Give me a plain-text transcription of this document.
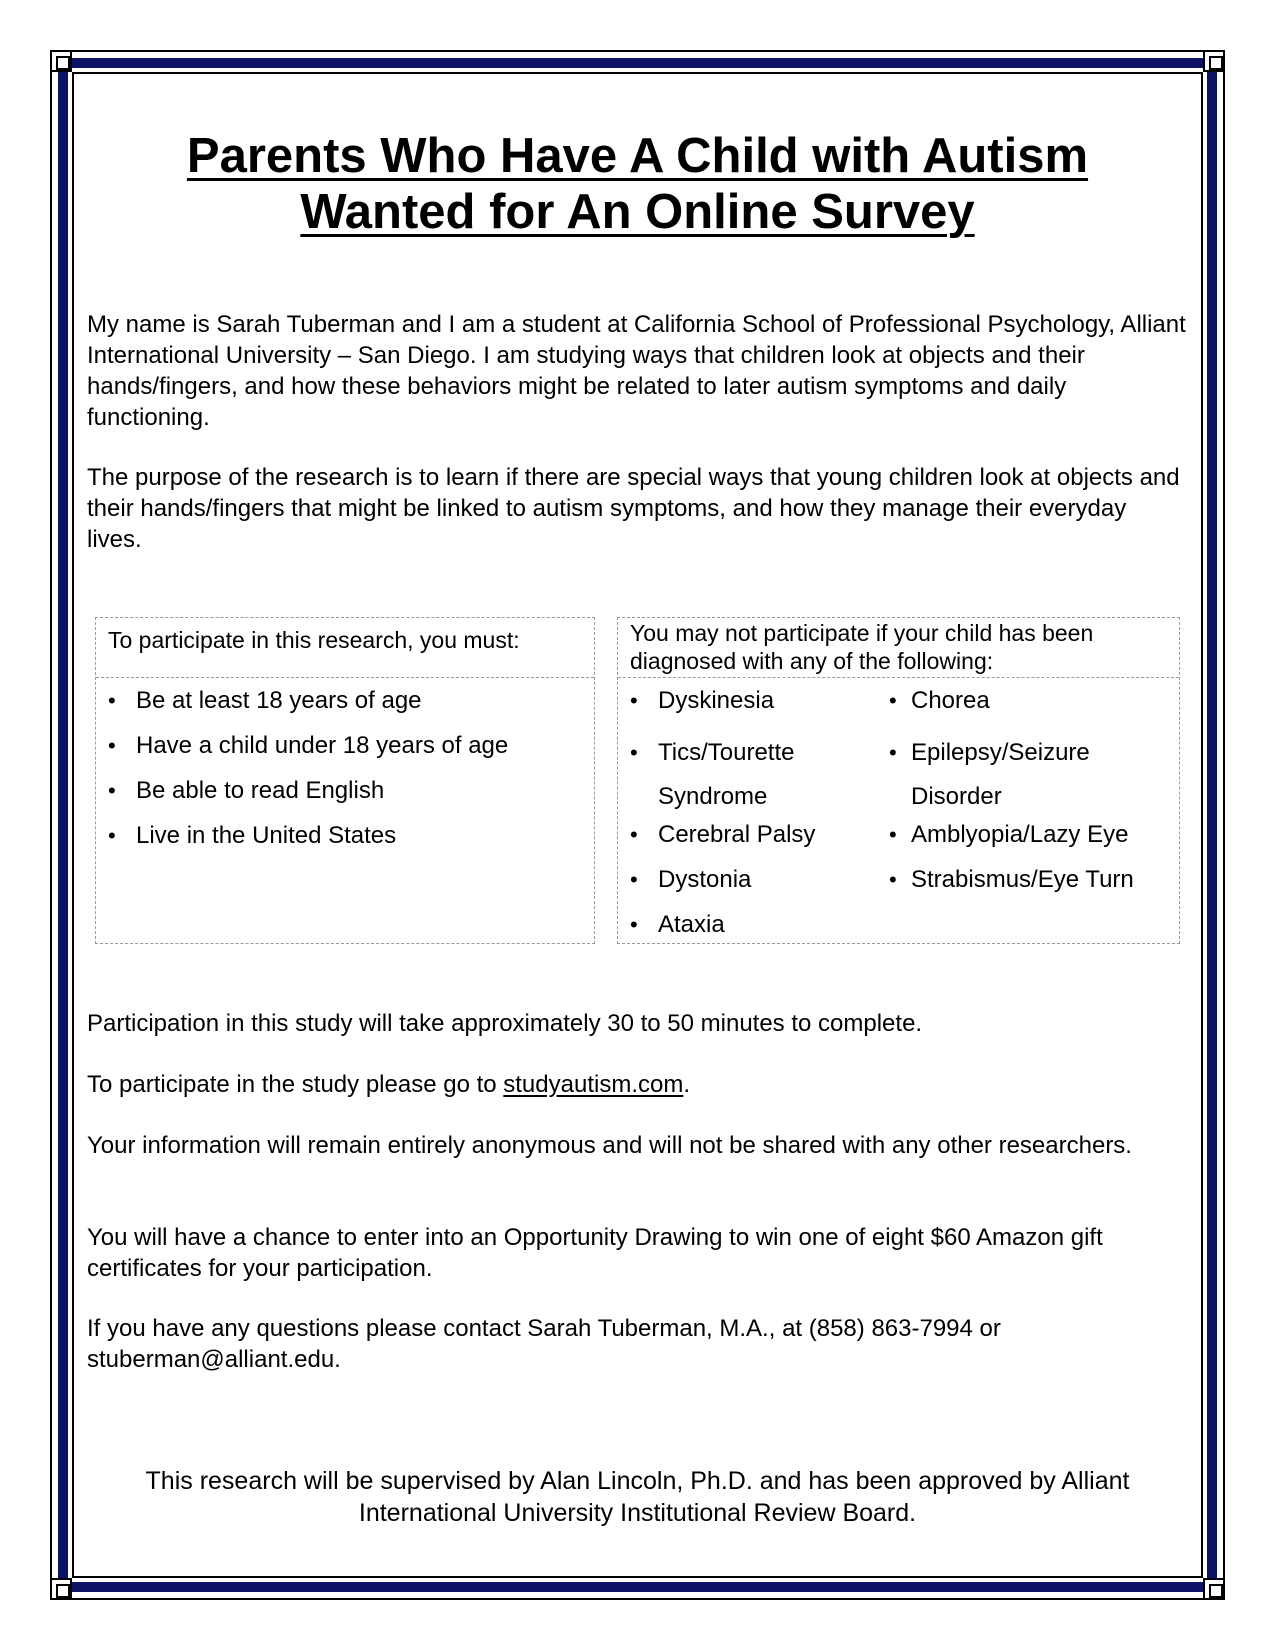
Parents Who Have A Child with Autism
Wanted for An Online Survey

My name is Sarah Tuberman and I am a student at California School of Professional Psychology, Alliant International University – San Diego. I am studying ways that children look at objects and their hands/fingers, and how these behaviors might be related to later autism symptoms and daily functioning.

The purpose of the research is to learn if there are special ways that young children look at objects and their hands/fingers that might be linked to autism symptoms, and how they manage their everyday lives.

To participate in this research, you must:
• Be at least 18 years of age
• Have a child under 18 years of age
• Be able to read English
• Live in the United States
You may not participate if your child has been diagnosed with any of the following:
• Dyskinesia
• Tics/Tourette Syndrome
• Cerebral Palsy
• Dystonia
• Ataxia
• Chorea
• Epilepsy/Seizure Disorder
• Amblyopia/Lazy Eye
• Strabismus/Eye Turn

Participation in this study will take approximately 30 to 50 minutes to complete.

To participate in the study please go to studyautism.com.

Your information will remain entirely anonymous and will not be shared with any other researchers.

You will have a chance to enter into an Opportunity Drawing to win one of eight $60 Amazon gift certificates for your participation.

If you have any questions please contact Sarah Tuberman, M.A., at (858) 863-7994 or stuberman@alliant.edu.

This research will be supervised by Alan Lincoln, Ph.D. and has been approved by Alliant International University Institutional Review Board.
